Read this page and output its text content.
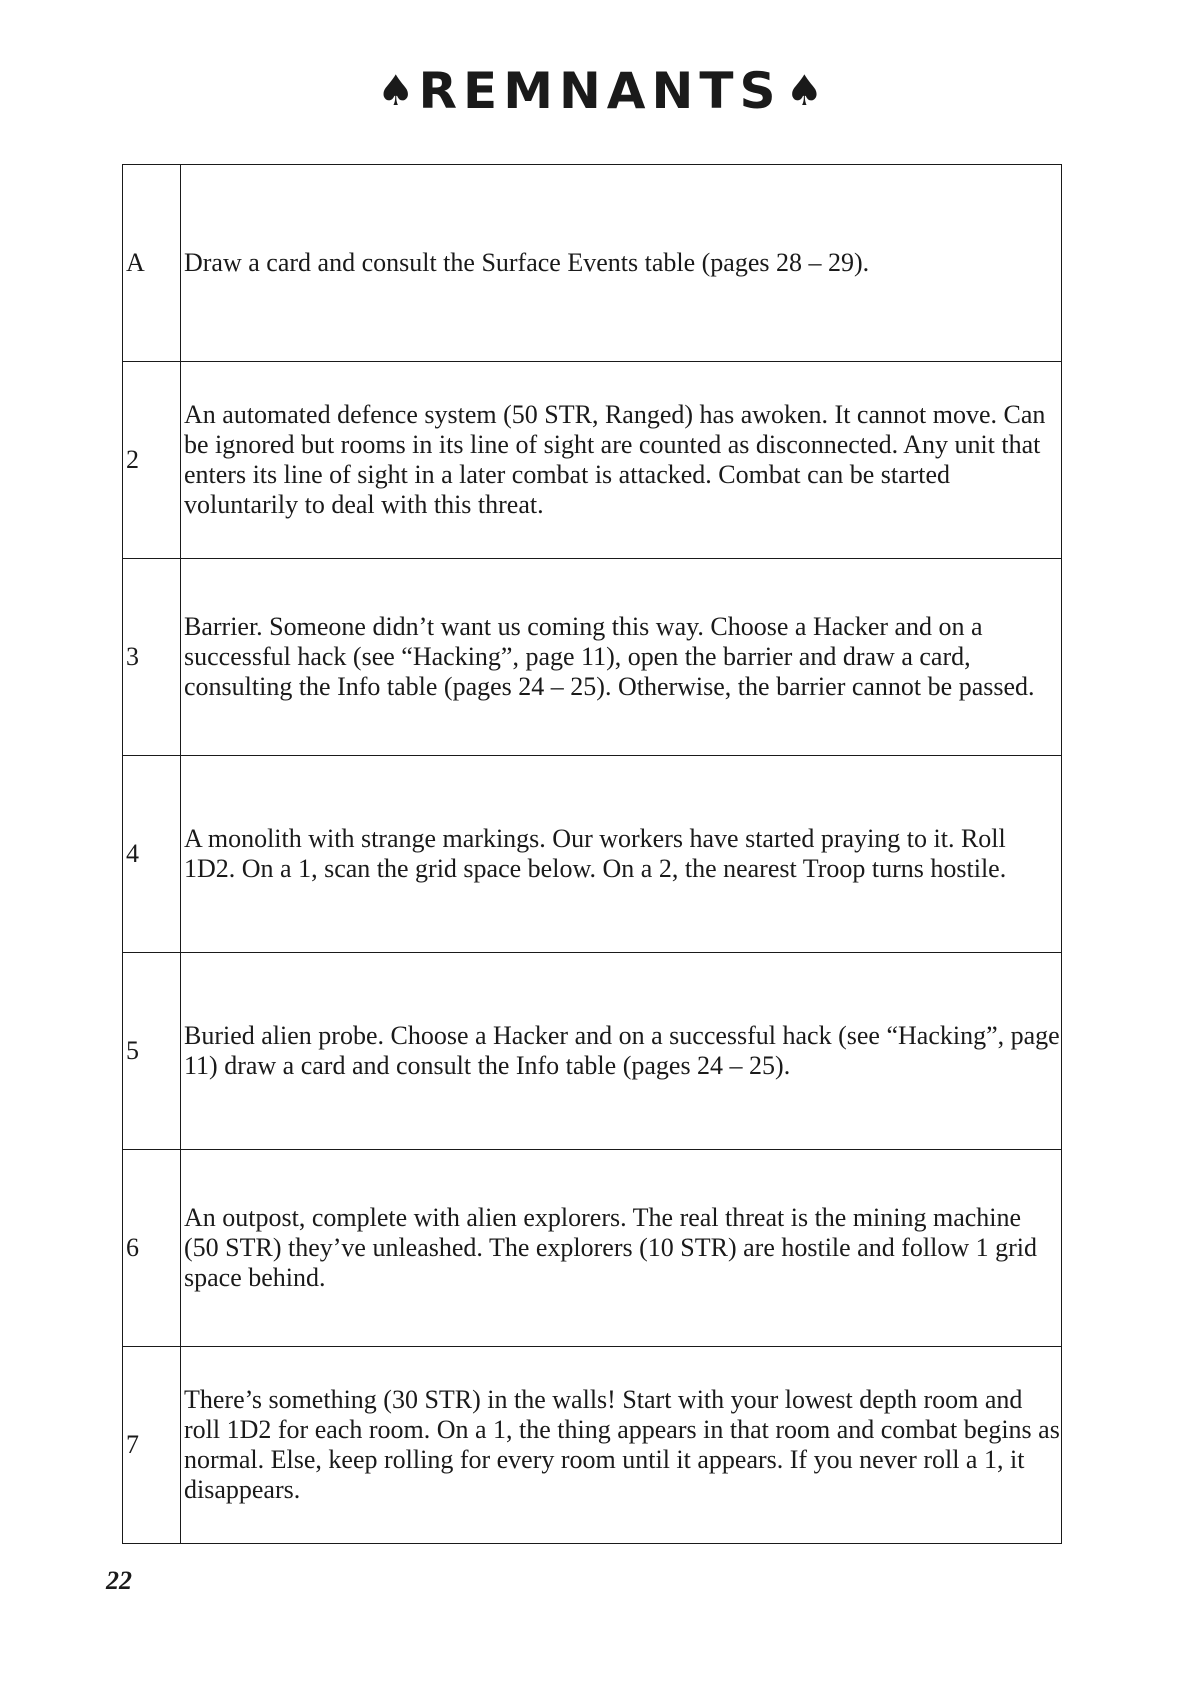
♠ REMNANTS ♠
A	Draw a card and consult the Surface Events table (pages 28 – 29).
2	An automated defence system (50 STR, Ranged) has awoken. It cannot move. Can be ignored but rooms in its line of sight are counted as disconnected. Any unit that enters its line of sight in a later combat is attacked. Combat can be started voluntarily to deal with this threat.
3	Barrier. Someone didn’t want us coming this way. Choose a Hacker and on a successful hack (see “Hacking”, page 11), open the barrier and draw a card, consulting the Info table (pages 24 – 25). Otherwise, the barrier cannot be passed.
4	A monolith with strange markings. Our workers have started praying to it. Roll 1D2. On a 1, scan the grid space below. On a 2, the nearest Troop turns hostile.
5	Buried alien probe. Choose a Hacker and on a successful hack (see “Hacking”, page 11) draw a card and consult the Info table (pages 24 – 25).
6	An outpost, complete with alien explorers. The real threat is the mining machine (50 STR) they’ve unleashed. The explorers (10 STR) are hostile and follow 1 grid space behind.
7	There’s something (30 STR) in the walls! Start with your lowest depth room and roll 1D2 for each room. On a 1, the thing appears in that room and combat begins as normal. Else, keep rolling for every room until it appears. If you never roll a 1, it disappears.
22
